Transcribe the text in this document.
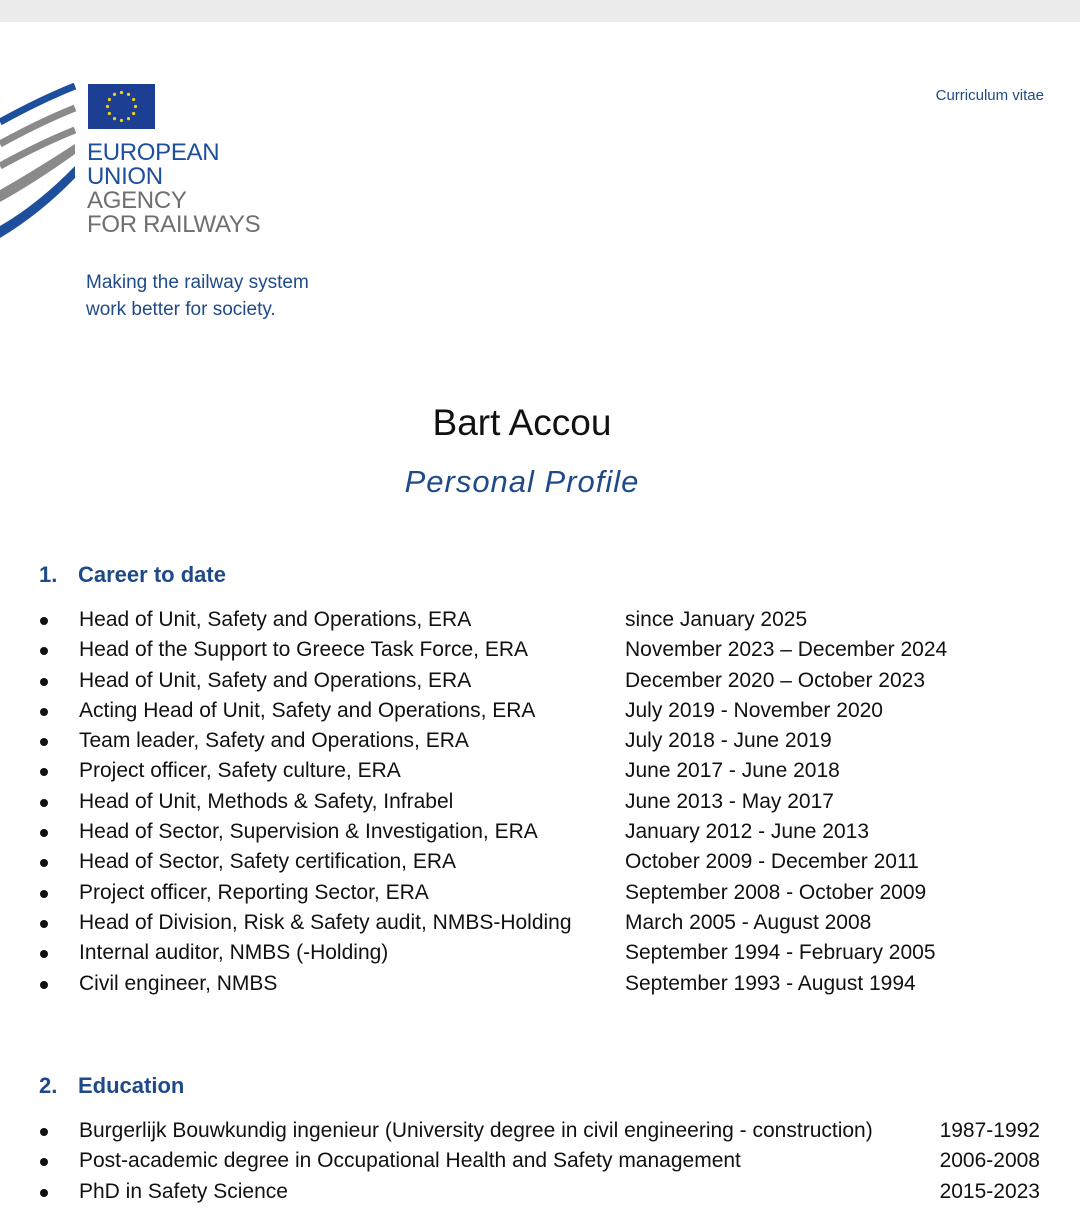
EUROPEAN
UNION
AGENCY
FOR RAILWAYS
Making the railway system
work better for society.
Curriculum vitae
Bart Accou
Personal Profile
1. Career to date
Head of Unit, Safety and Operations, ERA	since January 2025
Head of the Support to Greece Task Force, ERA	November 2023 – December 2024
Head of Unit, Safety and Operations, ERA	December 2020 – October 2023
Acting Head of Unit, Safety and Operations, ERA	July 2019 - November 2020
Team leader, Safety and Operations, ERA	July 2018 - June 2019
Project officer, Safety culture, ERA	June 2017 - June 2018
Head of Unit, Methods & Safety, Infrabel	June 2013 - May 2017
Head of Sector, Supervision & Investigation, ERA	January 2012 - June 2013
Head of Sector, Safety certification, ERA	October 2009 - December 2011
Project officer, Reporting Sector, ERA	September 2008 - October 2009
Head of Division, Risk & Safety audit, NMBS-Holding	March 2005 - August 2008
Internal auditor, NMBS (-Holding)	September 1994 - February 2005
Civil engineer, NMBS	September 1993 - August 1994
2. Education
Burgerlijk Bouwkundig ingenieur (University degree in civil engineering - construction)	1987-1992
Post-academic degree in Occupational Health and Safety management	2006-2008
PhD in Safety Science	2015-2023
